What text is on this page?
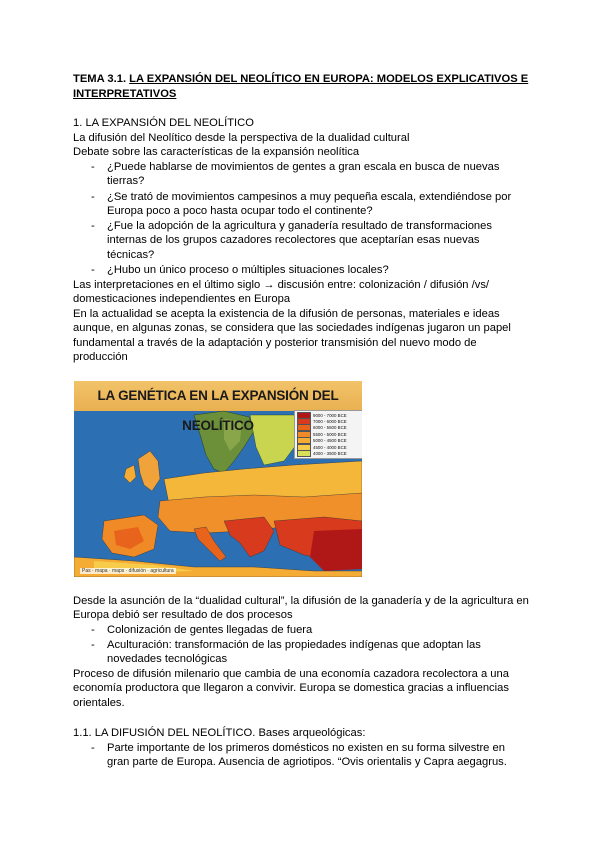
TEMA 3.1. LA EXPANSIÓN DEL NEOLÍTICO EN EUROPA: MODELOS EXPLICATIVOS E
INTERPRETATIVOS
1. LA EXPANSIÓN DEL NEOLÍTICO
La difusión del Neolítico desde la perspectiva de la dualidad cultural
Debate sobre las características de la expansión neolítica
- ¿Puede hablarse de movimientos de gentes a gran escala en busca de nuevas
tierras?
- ¿Se trató de movimientos campesinos a muy pequeña escala, extendiéndose por
Europa poco a poco hasta ocupar todo el continente?
- ¿Fue la adopción de la agricultura y ganadería resultado de transformaciones
internas de los grupos cazadores recolectores que aceptarían esas nuevas
técnicas?
- ¿Hubo un único proceso o múltiples situaciones locales?
Las interpretaciones en el último siglo → discusión entre: colonización / difusión /vs/
domesticaciones independientes en Europa
En la actualidad se acepta la existencia de la difusión de personas, materiales e ideas
aunque, en algunas zonas, se considera que las sociedades indígenas jugaron un papel
fundamental a través de la adaptación y posterior transmisión del nuevo modo de
producción
LA GENÉTICA EN LA EXPANSIÓN DEL NEOLÍTICO
9000 - 7000 BCE
7000 - 6000 BCE
6000 - 5500 BCE
5500 - 5000 BCE
5000 - 4500 BCE
4500 - 4000 BCE
4000 - 3500 BCE
Pas · mapa · maps · difusión · agricultura
Desde la asunción de la “dualidad cultural”, la difusión de la ganadería y de la agricultura en
Europa debió ser resultado de dos procesos
- Colonización de gentes llegadas de fuera
- Aculturación: transformación de las propiedades indígenas que adoptan las
novedades tecnológicas
Proceso de difusión milenario que cambia de una economía cazadora recolectora a una
economía productora que llegaron a convivir. Europa se domestica gracias a influencias
orientales.
1.1. LA DIFUSIÓN DEL NEOLÍTICO. Bases arqueológicas:
- Parte importante de los primeros domésticos no existen en su forma silvestre en
gran parte de Europa. Ausencia de agriotipos. “Ovis orientalis y Capra aegagrus.
